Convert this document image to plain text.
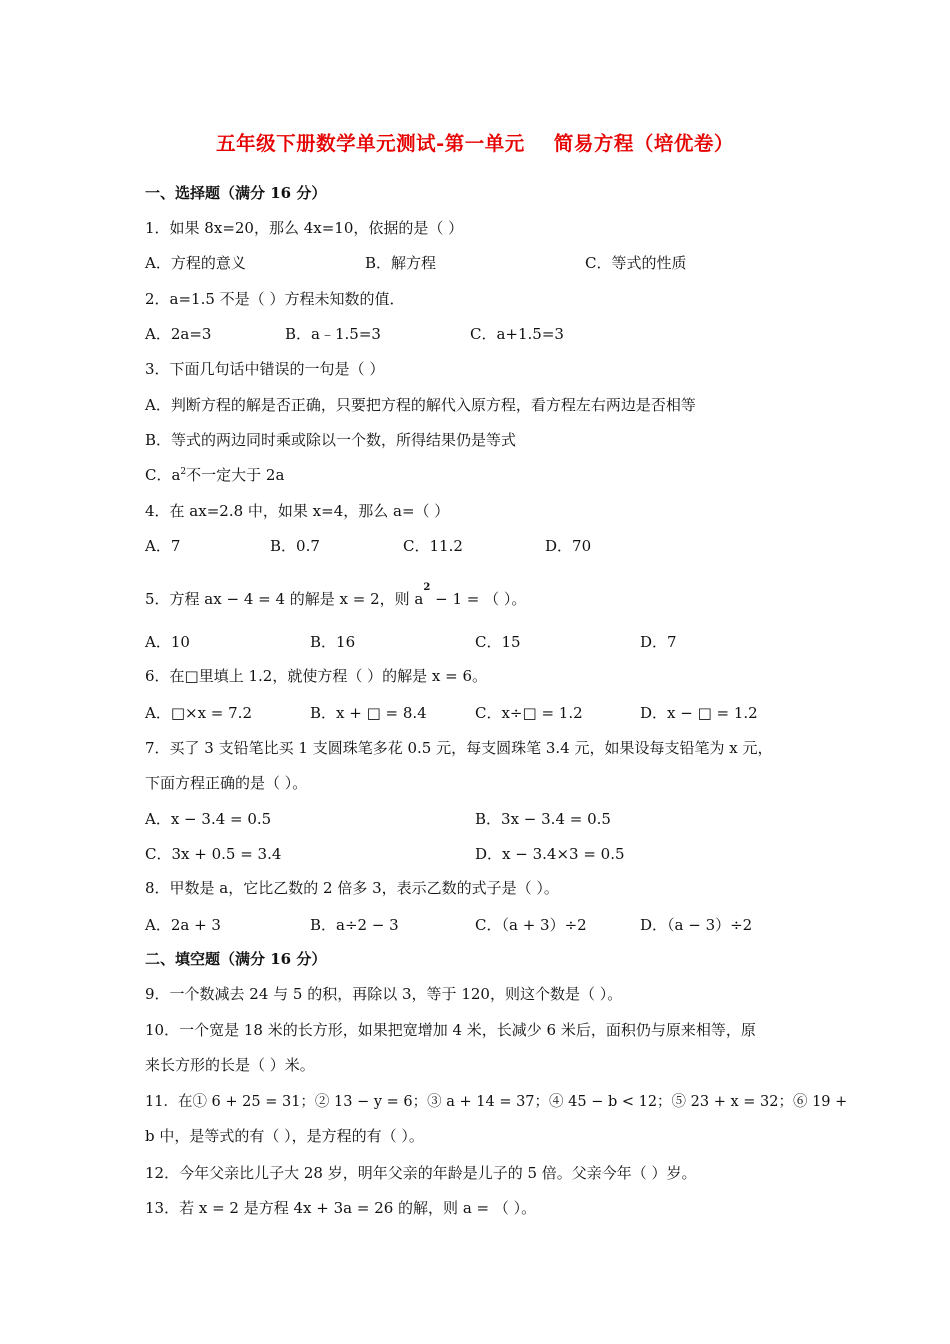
五年级下册数学单元测试-第一单元    简易方程（培优卷）
一、选择题（满分 16 分）
1．如果 8x=20，那么 4x=10，依据的是（ ）
A．方程的意义	B．解方程	C．等式的性质
2．a=1.5 不是（ ）方程未知数的值．
A．2a=3	B．a﹣1.5=3	C．a+1.5=3
3．下面几句话中错误的一句是（ ）
A．判断方程的解是否正确，只要把方程的解代入原方程，看方程左右两边是否相等
B．等式的两边同时乘或除以一个数，所得结果仍是等式
C．$a^2$不一定大于 2a
4．在 ax=2.8 中，如果 x=4，那么 a=（ ）
A．7	B．0.7	C．11.2	D．70
5．方程 ax − 4 = 4 的解是 x = 2，则 $a^2 - 1$ = （ ）。
A．10	B．16	C．15	D．7
6．在□里填上 1.2，就使方程（ ）的解是 x = 6。
A．□×x = 7.2	B．x + □ = 8.4	C．x÷□ = 1.2	D．x − □ = 1.2
7．买了 3 支铅笔比买 1 支圆珠笔多花 0.5 元，每支圆珠笔 3.4 元，如果设每支铅笔为 x 元，
下面方程正确的是（ ）。
A．x − 3.4 = 0.5	B．3x − 3.4 = 0.5
C．3x + 0.5 = 3.4	D．x − 3.4×3 = 0.5
8．甲数是 a，它比乙数的 2 倍多 3，表示乙数的式子是（ ）。
A．2a + 3	B．a÷2 − 3	C．（a + 3）÷2	D．（a − 3）÷2
二、填空题（满分 16 分）
9．一个数减去 24 与 5 的积，再除以 3，等于 120，则这个数是（ ）。
10．一个宽是 18 米的长方形，如果把宽增加 4 米，长减少 6 米后，面积仍与原来相等，原
来长方形的长是（ ）米。
11．在① 6 + 25 = 31；② 13 − y = 6；③ a + 14 = 37；④ 45 − b < 12；⑤ 23 + x = 32；⑥ 19 +
b 中，是等式的有（ ），是方程的有（ ）。
12．今年父亲比儿子大 28 岁，明年父亲的年龄是儿子的 5 倍。父亲今年（ ）岁。
13．若 x = 2 是方程 4x + 3a = 26 的解，则 a = （ ）。
